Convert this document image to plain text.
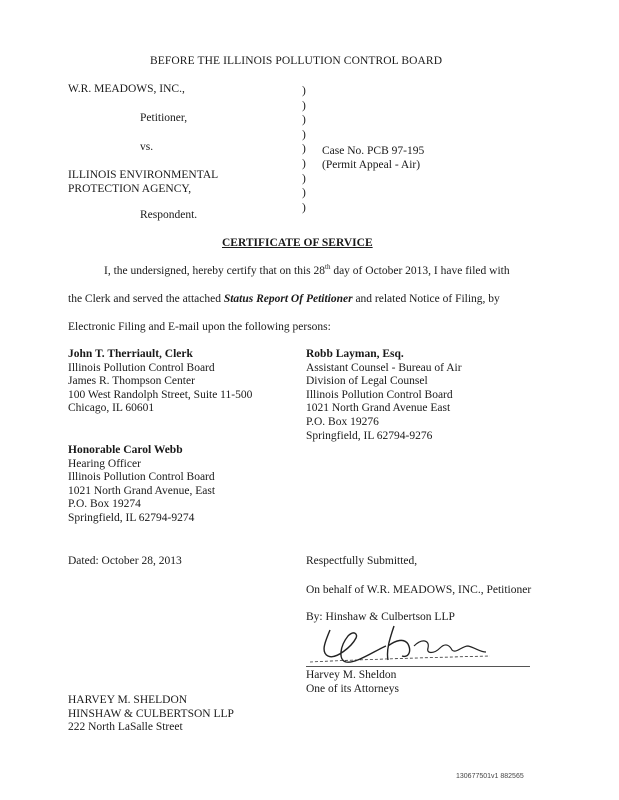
BEFORE THE ILLINOIS POLLUTION CONTROL BOARD
W.R. MEADOWS, INC.,
Petitioner,
vs.
ILLINOIS ENVIRONMENTAL
PROTECTION AGENCY,
Respondent.
)
)
)
)
)
)
)
)
)
Case No. PCB 97-195
(Permit Appeal - Air)
CERTIFICATE OF SERVICE
I, the undersigned, hereby certify that on this 28th day of October 2013, I have filed with
the Clerk and served the attached Status Report Of Petitioner and related Notice of Filing, by
Electronic Filing and E-mail upon the following persons:
John T. Therriault, Clerk
Illinois Pollution Control Board
James R. Thompson Center
100 West Randolph Street, Suite 11-500
Chicago, IL 60601
Robb Layman, Esq.
Assistant Counsel - Bureau of Air
Division of Legal Counsel
Illinois Pollution Control Board
1021 North Grand Avenue East
P.O. Box 19276
Springfield, IL 62794-9276
Honorable Carol Webb
Hearing Officer
Illinois Pollution Control Board
1021 North Grand Avenue, East
P.O. Box 19274
Springfield, IL 62794-9274
Dated: October 28, 2013	Respectfully Submitted,
On behalf of W.R. MEADOWS, INC., Petitioner
By: Hinshaw & Culbertson LLP
Harvey M. Sheldon
One of its Attorneys
HARVEY M. SHELDON
HINSHAW & CULBERTSON LLP
222 North LaSalle Street
130677501v1 882565
